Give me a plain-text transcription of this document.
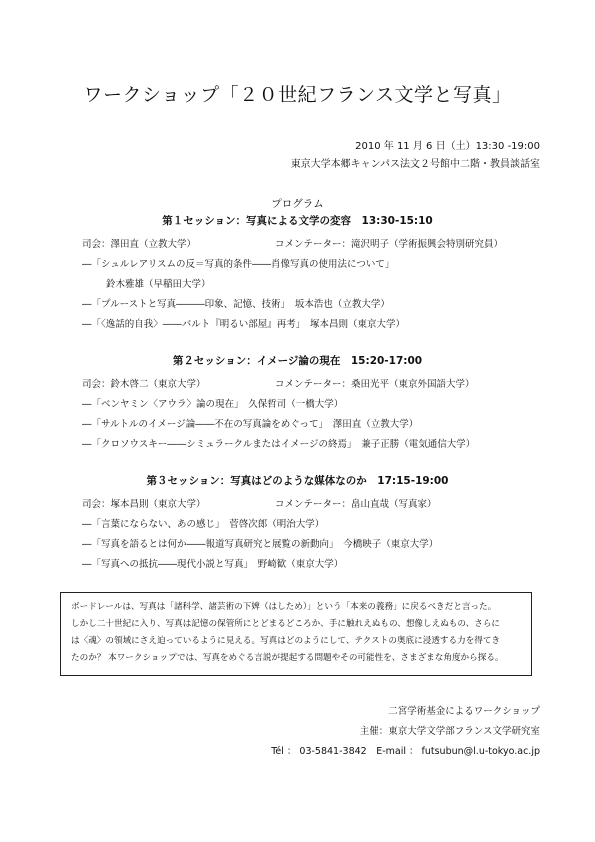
ワークショップ「２０世紀フランス文学と写真」
2010 年 11 月 6 日（土）13:30 -19:00
東京大学本郷キャンパス法文２号館中二階・教員談話室
プログラム
第１セッション：写真による文学の変容　13:30-15:10
司会：澤田直（立教大学）	コメンテーター：滝沢明子（学術振興会特別研究員）
―「シュルレアリスムの反＝写真的条件――肖像写真の使用法について」
鈴木雅雄（早稲田大学）
―「プルーストと写真―――印象、記憶、技術」　坂本浩也（立教大学）
―「〈逸話的自我〉――バルト『明るい部屋』再考」　塚本昌則（東京大学）
第２セッション：イメージ論の現在　15:20-17:00
司会：鈴木啓二（東京大学）	コメンテーター：桑田光平（東京外国語大学）
―「ベンヤミン〈アウラ〉論の現在」　久保哲司（一橋大学）
―「サルトルのイメージ論――不在の写真論をめぐって」　澤田直（立教大学）
―「クロソウスキー――シミュラークルまたはイメージの終焉」　兼子正勝（電気通信大学）
第３セッション：写真はどのような媒体なのか　17:15-19:00
司会：塚本昌則（東京大学）	コメンテーター：畠山直哉（写真家）
―「言葉にならない、あの感じ」　菅啓次郎（明治大学）
―「写真を語るとは何か――報道写真研究と展覧の新動向」　今橋映子（東京大学）
―「写真への抵抗――現代小説と写真」　野崎歓（東京大学）

ボードレールは、写真は「諸科学、諸芸術の下婢（はしため）」という「本来の義務」に戻るべきだと言った。

しかし二十世紀に入り、写真は記憶の保管所にとどまるどころか、手に触れえぬもの、想像しえぬもの、さらに

は〈魂〉の領域にさえ迫っているように見える。写真はどのようにして、テクストの奥底に浸透する力を得てき

たのか？ 本ワークショップでは、写真をめぐる言説が提起する問題やその可能性を、さまざまな角度から探る。

二宮学術基金によるワークショップ
主催：東京大学文学部フランス文学研究室
Tél ： 03-5841-3842　E-mail ： futsubun@l.u-tokyo.ac.jp
